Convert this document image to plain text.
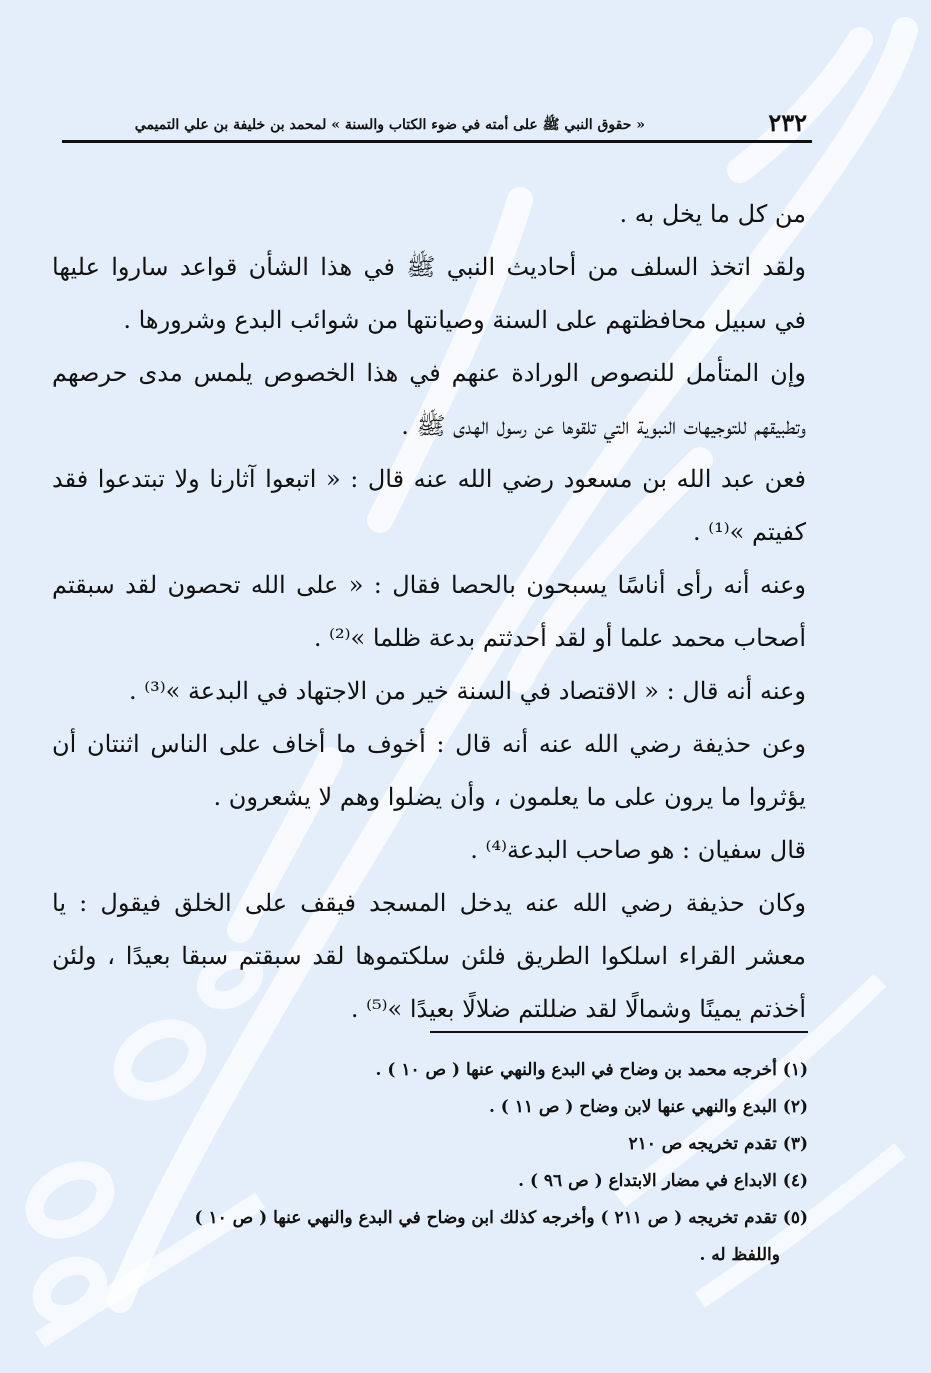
٢٣٢
« حقوق النبي ﷺ على أمته في ضوء الكتاب والسنة » لمحمد بن خليفة بن علي التميمي
من كل ما يخل به .
ولقد اتخذ السلف من أحاديث النبي ﷺ في هذا الشأن قواعد ساروا عليها
في سبيل محافظتهم على السنة وصيانتها من شوائب البدع وشرورها .
وإن المتأمل للنصوص الورادة عنهم في هذا الخصوص يلمس مدى حرصهم
وتطبيقهم للتوجيهات النبوية التي تلقوها عن رسول الهدى ﷺ .
فعن عبد الله بن مسعود رضي الله عنه قال : « اتبعوا آثارنا ولا تبتدعوا فقد
كفيتم »⁽¹⁾ .
وعنه أنه رأى أناسًا يسبحون بالحصا فقال : « على الله تحصون لقد سبقتم
أصحاب محمد علما أو لقد أحدثتم بدعة ظلما »⁽²⁾ .
وعنه أنه قال : « الاقتصاد في السنة خير من الاجتهاد في البدعة »⁽³⁾ .
وعن حذيفة رضي الله عنه أنه قال : أخوف ما أخاف على الناس اثنتان أن
يؤثروا ما يرون على ما يعلمون ، وأن يضلوا وهم لا يشعرون .
قال سفيان : هو صاحب البدعة⁽⁴⁾ .
وكان حذيفة رضي الله عنه يدخل المسجد فيقف على الخلق فيقول : يا
معشر القراء اسلكوا الطريق فلئن سلكتموها لقد سبقتم سبقا بعيدًا ، ولئن
أخذتم يمينًا وشمالًا لقد ضللتم ضلالًا بعيدًا »⁽⁵⁾ .
(١) أخرجه محمد بن وضاح في البدع والنهي عنها ( ص ١٠ ) .
(٢) البدع والنهي عنها لابن وضاح ( ص ١١ ) .
(٣) تقدم تخريجه ص ٢١٠
(٤) الابداع في مضار الابتداع ( ص ٩٦ ) .
(٥) تقدم تخريجه ( ص ٢١١ ) وأخرجه كذلك ابن وضاح في البدع والنهي عنها ( ص ١٠ )
واللفظ له .
